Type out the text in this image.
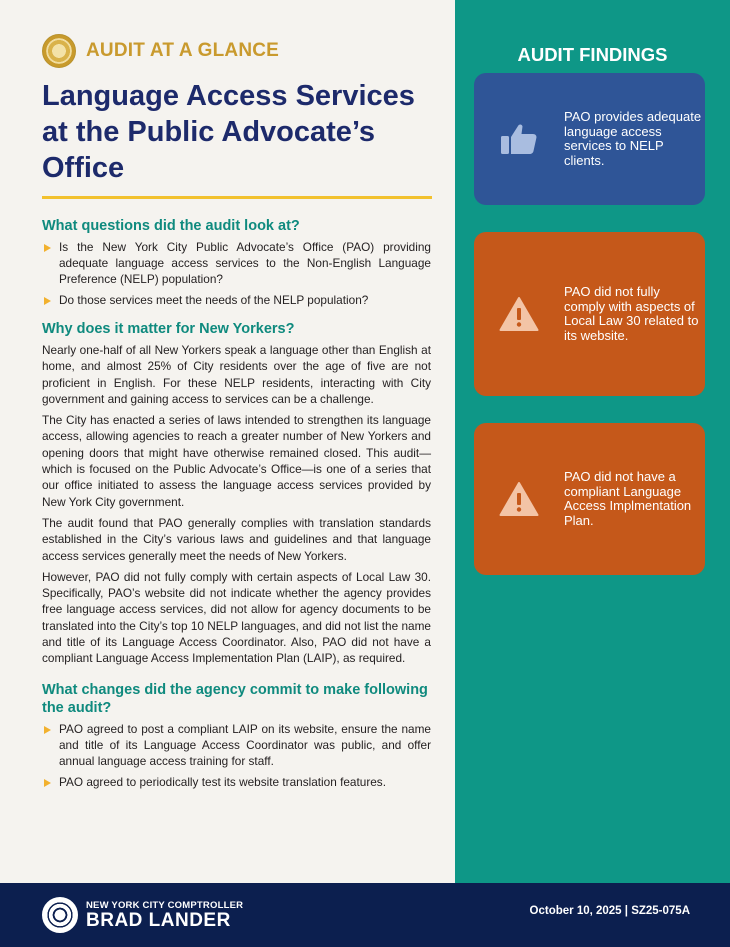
AUDIT AT A GLANCE
Language Access Services at the Public Advocate’s Office
What questions did the audit look at?
Is the New York City Public Advocate’s Office (PAO) providing adequate language access services to the Non-English Language Preference (NELP) population?
Do those services meet the needs of the NELP population?
Why does it matter for New Yorkers?

Nearly one-half of all New Yorkers speak a language other than English at home, and almost 25% of City residents over the age of five are not proficient in English. For these NELP residents, interacting with City government and gaining access to services can be a challenge.

The City has enacted a series of laws intended to strengthen its language access, allowing agencies to reach a greater number of New Yorkers and opening doors that might have otherwise remained closed. This audit—which is focused on the Public Advocate’s Office—is one of a series that our office initiated to assess the language access services provided by New York City government.

The audit found that PAO generally complies with translation standards established in the City’s various laws and guidelines and that language access services generally meet the needs of New Yorkers.

However, PAO did not fully comply with certain aspects of Local Law 30. Specifically, PAO’s website did not indicate whether the agency provides free language access services, did not allow for agency documents to be translated into the City’s top 10 NELP languages, and did not list the name and title of its Language Access Coordinator. Also, PAO did not have a compliant Language Access Implementation Plan (LAIP), as required.

What changes did the agency commit to make following the audit?
PAO agreed to post a compliant LAIP on its website, ensure the name and title of its Language Access Coordinator was public, and offer annual language access training for staff.
PAO agreed to periodically test its website translation features.
AUDIT FINDINGS
PAO provides adequate language access services to NELP clients.
PAO did not fully comply with aspects of Local Law 30 related to its website.
PAO did not have a compliant Language Access Implmentation Plan.
NEW YORK CITY COMPTROLLER
BRAD LANDER	October 10, 2025 | SZ25-075A
